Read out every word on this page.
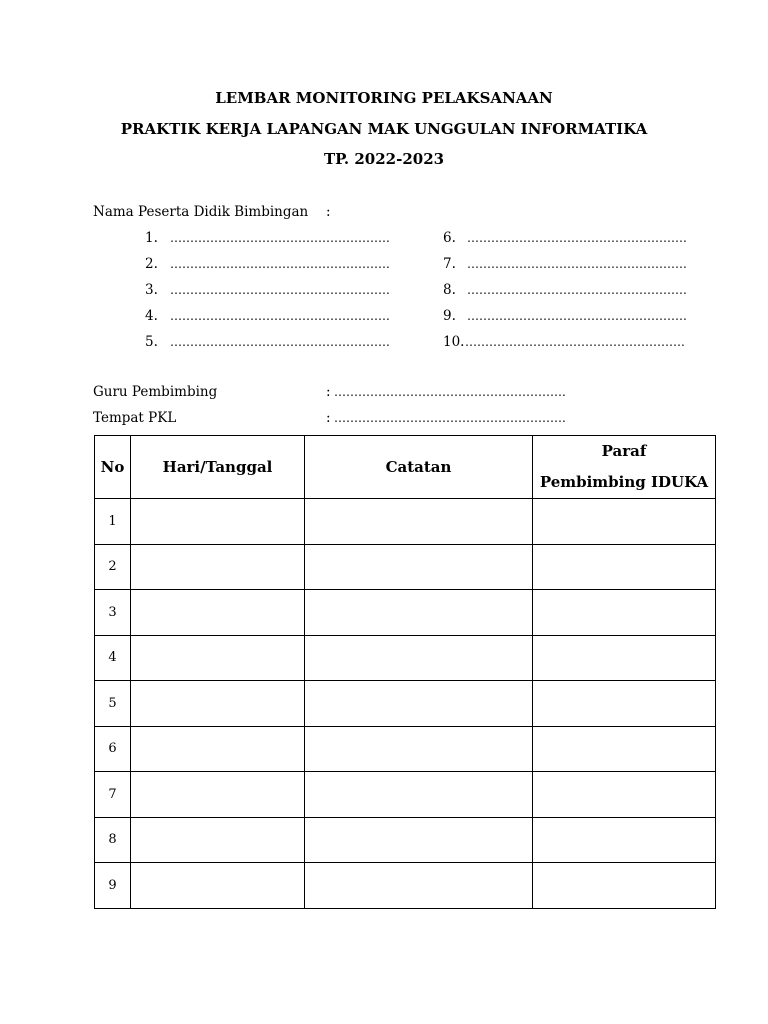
LEMBAR MONITORING PELAKSANAAN
PRAKTIK KERJA LAPANGAN MAK UNGGULAN INFORMATIKA
TP. 2022-2023
Nama Peserta Didik Bimbingan :
1. ……………………………………………….
2. ……………………………………………….
3. ……………………………………………….
4. ……………………………………………….
5. ……………………………………………….
6. ……………………………………………….
7. ……………………………………………….
8. ……………………………………………….
9. ……………………………………………….
10. ……………………………………………….
Guru Pembimbing	: ………………………………………………….
Tempat PKL	: ………………………………………………….
No	Hari/Tanggal	Catatan	Paraf
Pembimbing IDUKA

1			
2			
3			
4			
5			
6			
7			
8			
9			
